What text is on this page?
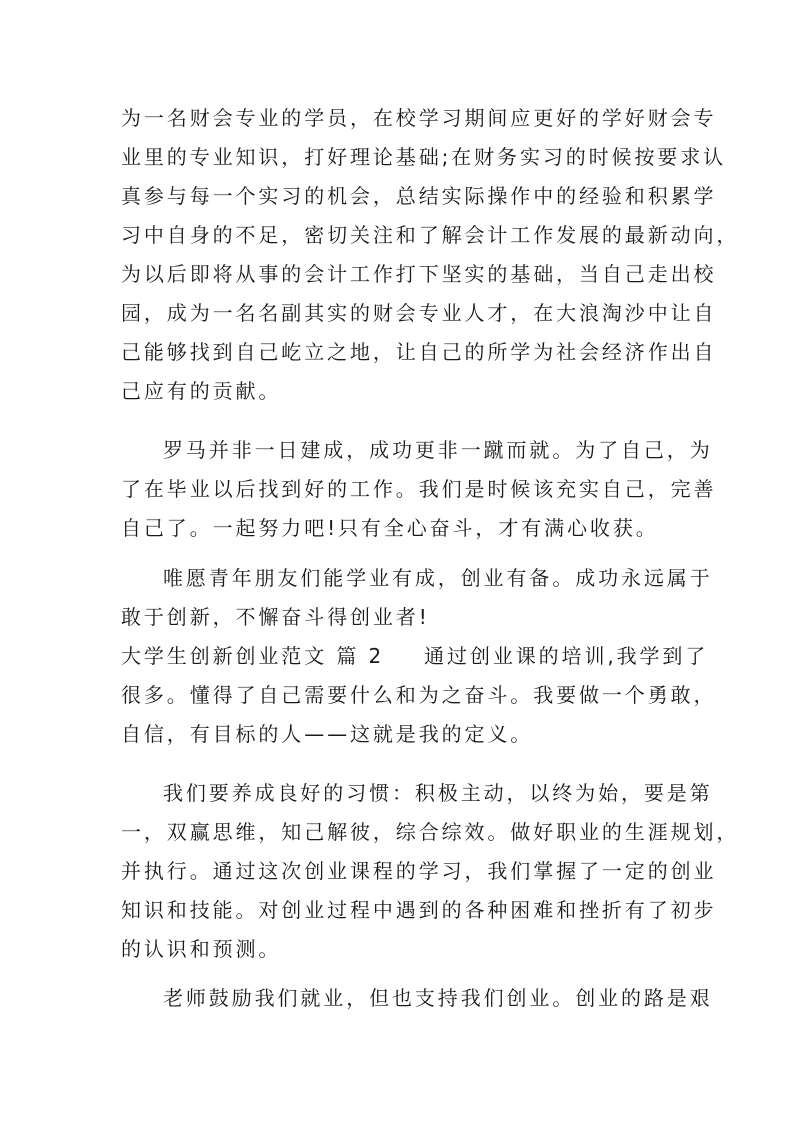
为一名财会专业的学员，在校学习期间应更好的学好财会专
业里的专业知识，打好理论基础;在财务实习的时候按要求认
真参与每一个实习的机会，总结实际操作中的经验和积累学
习中自身的不足，密切关注和了解会计工作发展的最新动向，
为以后即将从事的会计工作打下坚实的基础，当自己走出校
园，成为一名名副其实的财会专业人才，在大浪淘沙中让自
己能够找到自己屹立之地，让自己的所学为社会经济作出自
己应有的贡献。
罗马并非一日建成，成功更非一蹴而就。为了自己，为
了在毕业以后找到好的工作。我们是时候该充实自己，完善
自己了。一起努力吧!只有全心奋斗，才有满心收获。
唯愿青年朋友们能学业有成，创业有备。成功永远属于
敢于创新，不懈奋斗得创业者!
大学生创新创业范文 篇 2 通过创业课的培训,我学到了
很多。懂得了自己需要什么和为之奋斗。我要做一个勇敢，
自信，有目标的人——这就是我的定义。
我们要养成良好的习惯：积极主动，以终为始，要是第
一，双赢思维，知己解彼，综合综效。做好职业的生涯规划，
并执行。通过这次创业课程的学习，我们掌握了一定的创业
知识和技能。对创业过程中遇到的各种困难和挫折有了初步
的认识和预测。
老师鼓励我们就业，但也支持我们创业。创业的路是艰
